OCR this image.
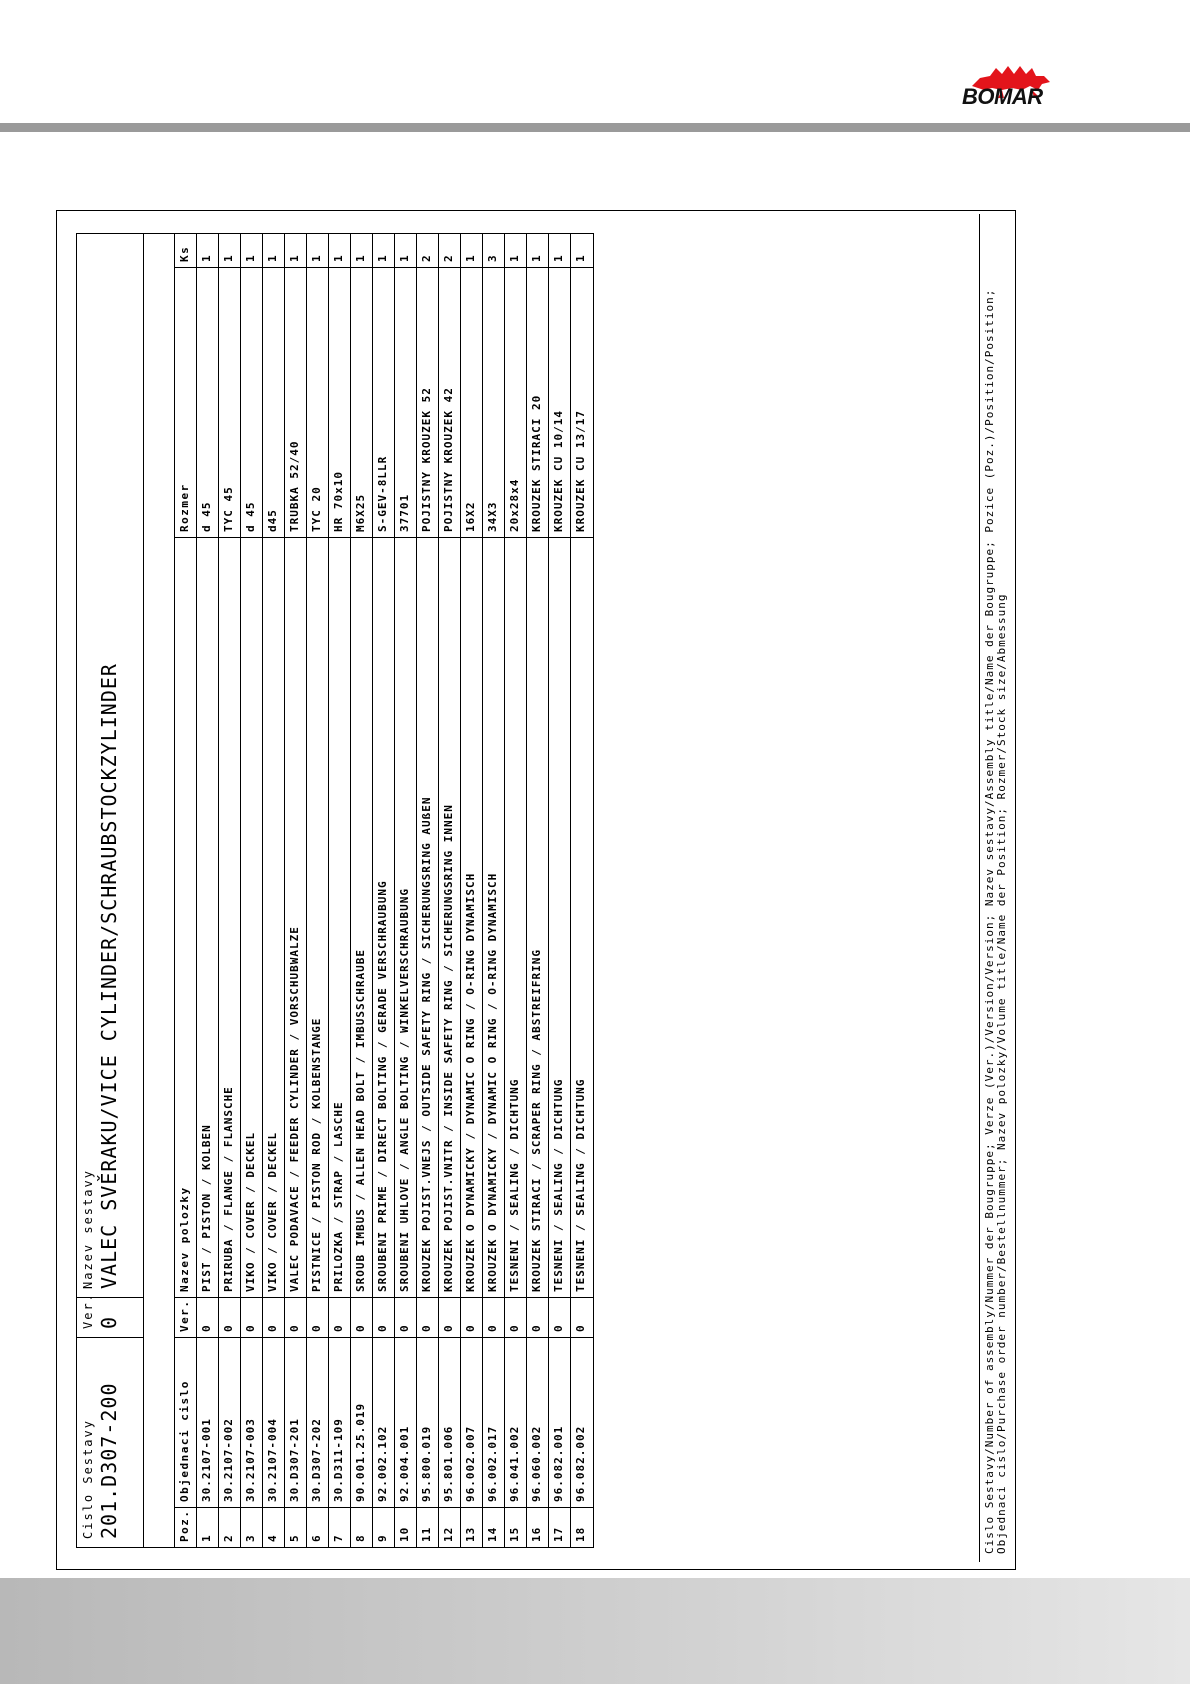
BOMAR
Cislo Sestavy 201.D307-200
Ver. 0
Nazev sestavy VALEC SVĚRAKU/VICE CYLINDER/SCHRAUBSTOCKZYLINDER
Poz.
Objednaci cislo
Ver.
Nazev polozky
Rozmer
Ks
1
30.2107-001
0
PIST / PISTON / KOLBEN
d 45
1
2
30.2107-002
0
PRIRUBA / FLANGE / FLANSCHE
TYC 45
1
3
30.2107-003
0
VIKO / COVER / DECKEL
d 45
1
4
30.2107-004
0
VIKO / COVER / DECKEL
d45
1
5
30.D307-201
0
VALEC PODAVACE / FEEDER CYLINDER / VORSCHUBWALZE
TRUBKA 52/40
1
6
30.D307-202
0
PISTNICE / PISTON ROD / KOLBENSTANGE
TYC 20
1
7
30.D311-109
0
PRILOZKA / STRAP / LASCHE
HR 70x10
1
8
90.001.25.019
0
SROUB IMBUS / ALLEN HEAD BOLT / IMBUSSCHRAUBE
M6X25
1
9
92.002.102
0
SROUBENI PRIME / DIRECT BOLTING / GERADE VERSCHRAUBUNG
S-GEV-8LLR
1
10
92.004.001
0
SROUBENI UHLOVE / ANGLE BOLTING / WINKELVERSCHRAUBUNG
37701
1
11
95.800.019
0
KROUZEK POJIST.VNEJS / OUTSIDE SAFETY RING / SICHERUNGSRING AUßEN
POJISTNY KROUZEK 52
2
12
95.801.006
0
KROUZEK POJIST.VNITR / INSIDE SAFETY RING / SICHERUNGSRING INNEN
POJISTNY KROUZEK 42
2
13
96.002.007
0
KROUZEK O DYNAMICKY / DYNAMIC O RING / O-RING DYNAMISCH
16X2
1
14
96.002.017
0
KROUZEK O DYNAMICKY / DYNAMIC O RING / O-RING DYNAMISCH
34X3
3
15
96.041.002
0
TESNENI / SEALING / DICHTUNG
20x28x4
1
16
96.060.002
0
KROUZEK STIRACI / SCRAPER RING / ABSTREIFRING
KROUZEK STIRACI 20
1
17
96.082.001
0
TESNENI / SEALING / DICHTUNG
KROUZEK CU 10/14
1
18
96.082.002
0
TESNENI / SEALING / DICHTUNG
KROUZEK CU 13/17
1
Cislo Sestavy/Number of assembly/Nummer der Bougruppe; Verze (Ver.)/Version/Version; Nazev sestavy/Assembly title/Name der Bougruppe; Pozice (Poz.)/Position/Position; Objednaci cislo/Purchase order number/Bestellnummer; Nazev polozky/Volume title/Name der Position; Rozmer/Stock size/Abmessung
